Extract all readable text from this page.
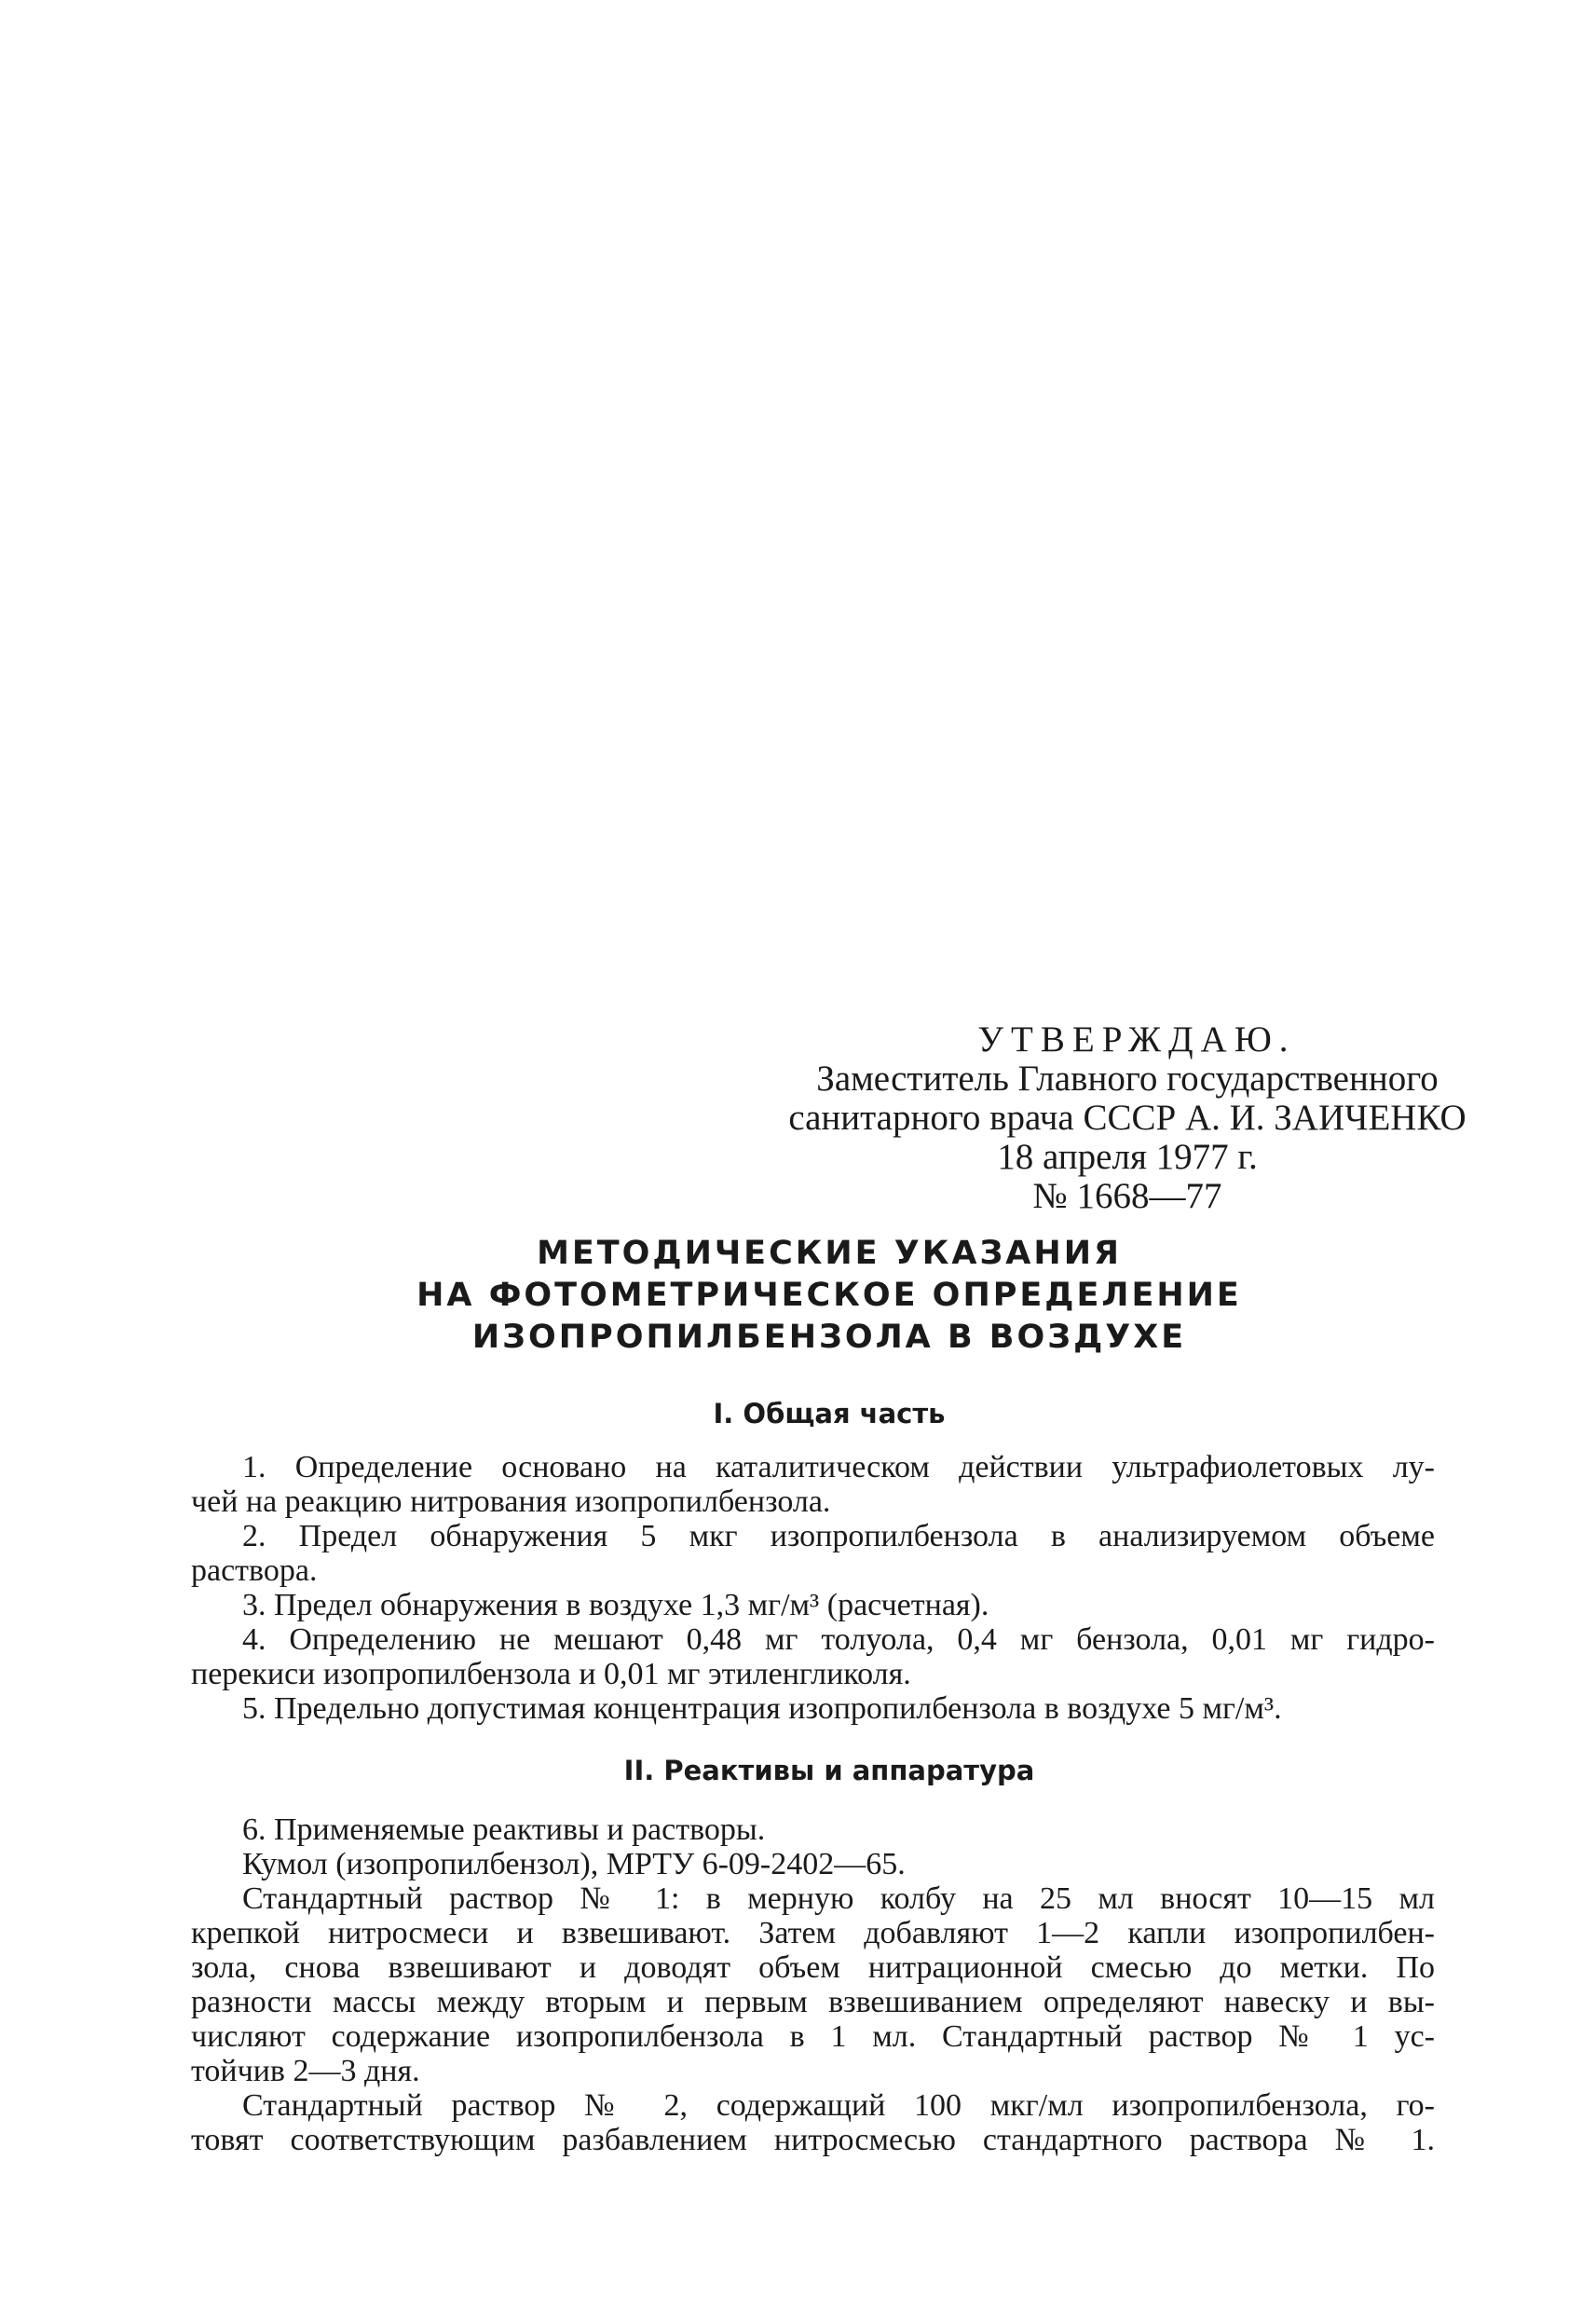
УТВЕРЖДАЮ.
Заместитель Главного государственного
санитарного врача СССР А. И. ЗАИЧЕНКО
18 апреля 1977 г.
№ 1668—77
МЕТОДИЧЕСКИЕ УКАЗАНИЯ
НА ФОТОМЕТРИЧЕСКОЕ ОПРЕДЕЛЕНИЕ
ИЗОПРОПИЛБЕНЗОЛА В ВОЗДУХЕ
I. Общая часть
1. Определение основано на каталитическом действии ультрафиолетовых лу-
чей на реакцию нитрования изопропилбензола.
2. Предел обнаружения 5 мкг изопропилбензола в анализируемом объеме
раствора.
3. Предел обнаружения в воздухе 1,3 мг/м³ (расчетная).
4. Определению не мешают 0,48 мг толуола, 0,4 мг бензола, 0,01 мг гидро-
перекиси изопропилбензола и 0,01 мг этиленгликоля.
5. Предельно допустимая концентрация изопропилбензола в воздухе 5 мг/м³.
II. Реактивы и аппаратура
6. Применяемые реактивы и растворы.
Кумол (изопропилбензол), МРТУ 6-09-2402—65.
Стандартный раствор № 1: в мерную колбу на 25 мл вносят 10—15 мл
крепкой нитросмеси и взвешивают. Затем добавляют 1—2 капли изопропилбен-
зола, снова взвешивают и доводят объем нитрационной смесью до метки. По
разности массы между вторым и первым взвешиванием определяют навеску и вы-
числяют содержание изопропилбензола в 1 мл. Стандартный раствор № 1 ус-
тойчив 2—3 дня.
Стандартный раствор № 2, содержащий 100 мкг/мл изопропилбензола, го-
товят соответствующим разбавлением нитросмесью стандартного раствора № 1.
